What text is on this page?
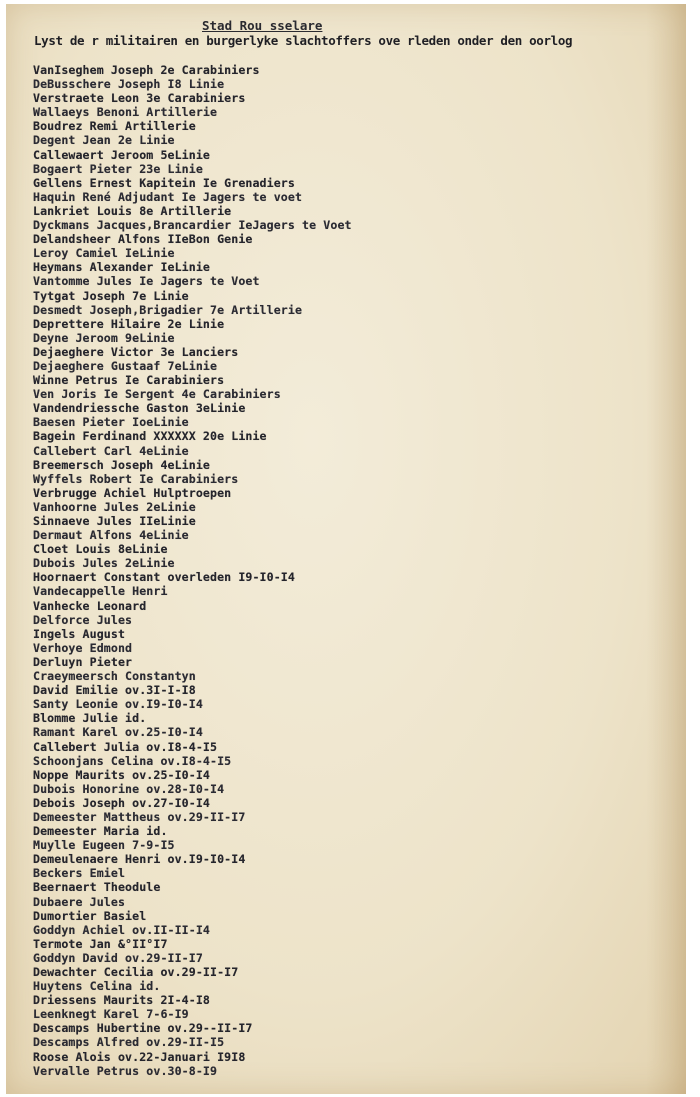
Stad Rou sselare
Lyst de r militairen en burgerlyke slachtoffers ove rleden onder den oorlog
VanIseghem Joseph 2e Carabiniers
DeBusschere Joseph I8 Linie
Verstraete Leon 3e Carabiniers
Wallaeys Benoni Artillerie
Boudrez Remi Artillerie
Degent Jean 2e Linie
Callewaert Jeroom 5eLinie
Bogaert Pieter 23e Linie
Gellens Ernest Kapitein Ie Grenadiers
Haquin René Adjudant Ie Jagers te voet
Lankriet Louis 8e Artillerie
Dyckmans Jacques,Brancardier IeJagers te Voet
Delandsheer Alfons IIeBon Genie
Leroy Camiel IeLinie
Heymans Alexander IeLinie
Vantomme Jules Ie Jagers te Voet
Tytgat Joseph 7e Linie
Desmedt Joseph,Brigadier 7e Artillerie
Deprettere Hilaire 2e Linie
Deyne Jeroom 9eLinie
Dejaeghere Victor 3e Lanciers
Dejaeghere Gustaaf 7eLinie
Winne Petrus Ie Carabiniers
Ven Joris Ie Sergent 4e Carabiniers
Vandendriessche Gaston 3eLinie
Baesen Pieter IoeLinie
Bagein Ferdinand XXXXXX 20e Linie
Callebert Carl 4eLinie
Breemersch Joseph 4eLinie
Wyffels Robert Ie Carabiniers
Verbrugge Achiel Hulptroepen
Vanhoorne Jules 2eLinie
Sinnaeve Jules IIeLinie
Dermaut Alfons 4eLinie
Cloet Louis 8eLinie
Dubois Jules 2eLinie
Hoornaert Constant overleden I9-I0-I4
Vandecappelle Henri
Vanhecke Leonard
Delforce Jules
Ingels August
Verhoye Edmond
Derluyn Pieter
Craeymeersch Constantyn
David Emilie ov.3I-I-I8
Santy Leonie ov.I9-I0-I4
Blomme Julie id.
Ramant Karel ov.25-I0-I4
Callebert Julia ov.I8-4-I5
Schoonjans Celina ov.I8-4-I5
Noppe Maurits ov.25-I0-I4
Dubois Honorine ov.28-I0-I4
Debois Joseph ov.27-I0-I4
Demeester Mattheus ov.29-II-I7
Demeester Maria id.
Muylle Eugeen 7-9-I5
Demeulenaere Henri ov.I9-I0-I4
Beckers Emiel
Beernaert Theodule
Dubaere Jules
Dumortier Basiel
Goddyn Achiel ov.II-II-I4
Termote Jan &°II°I7
Goddyn David ov.29-II-I7
Dewachter Cecilia ov.29-II-I7
Huytens Celina id.
Driessens Maurits 2I-4-I8
Leenknegt Karel 7-6-I9
Descamps Hubertine ov.29--II-I7
Descamps Alfred ov.29-II-I5
Roose Alois ov.22-Januari I9I8
Vervalle Petrus ov.30-8-I9
